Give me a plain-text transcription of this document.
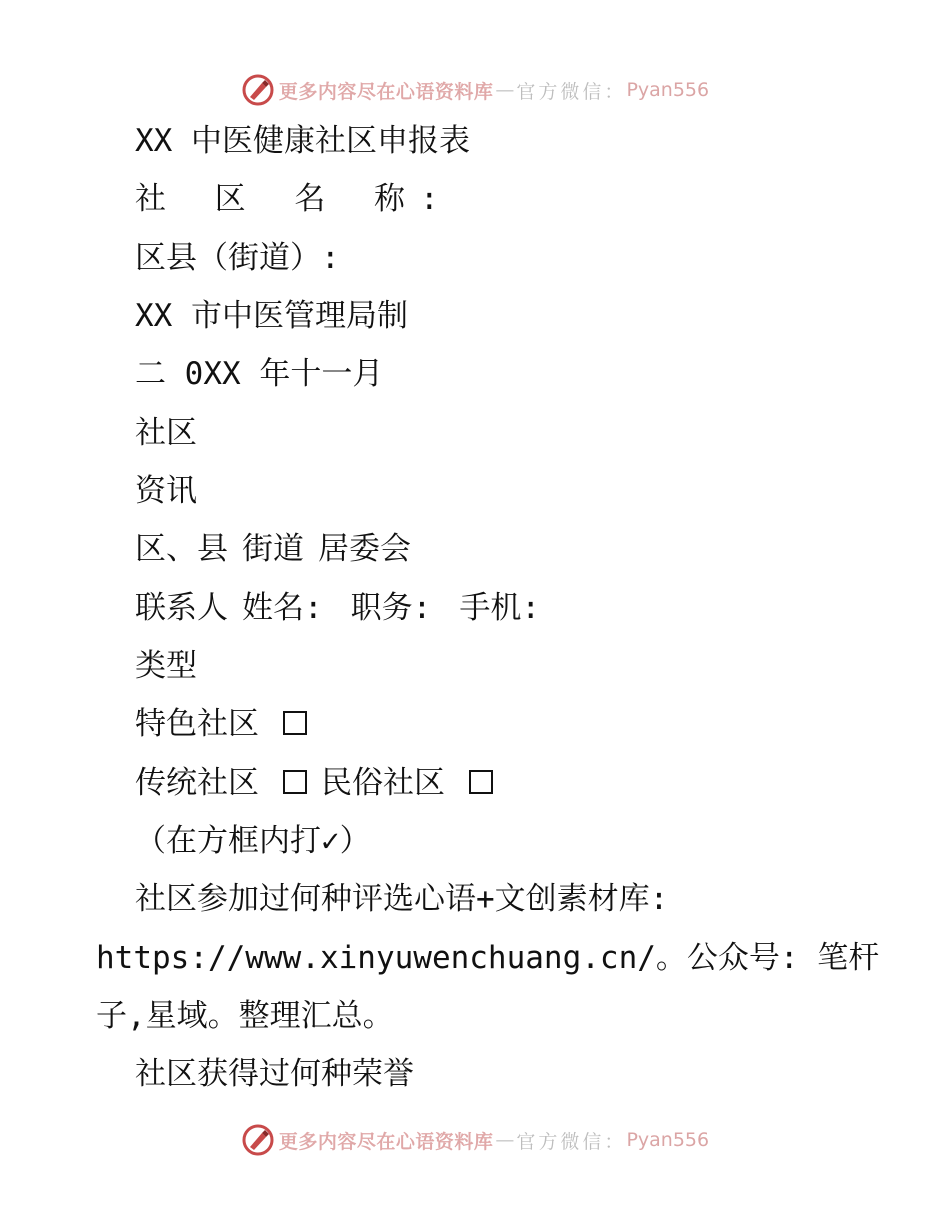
更多内容尽在心语资料库 — 官方微信： Pyan556
XX 中医健康社区申报表
社 区 名 称:
区县（街道）:
XX 市中医管理局制
二 0XX 年十一月
社区
资讯
区、县 街道 居委会
联系人 姓名: 职务: 手机:
类型
特色社区
传统社区 民俗社区
（在方框内打✓）
社区参加过何种评选心语+文创素材库:
https://www.xinyuwenchuang.cn/。公众号: 笔杆
子,星域。整理汇总。
社区获得过何种荣誉
更多内容尽在心语资料库 — 官方微信： Pyan556
